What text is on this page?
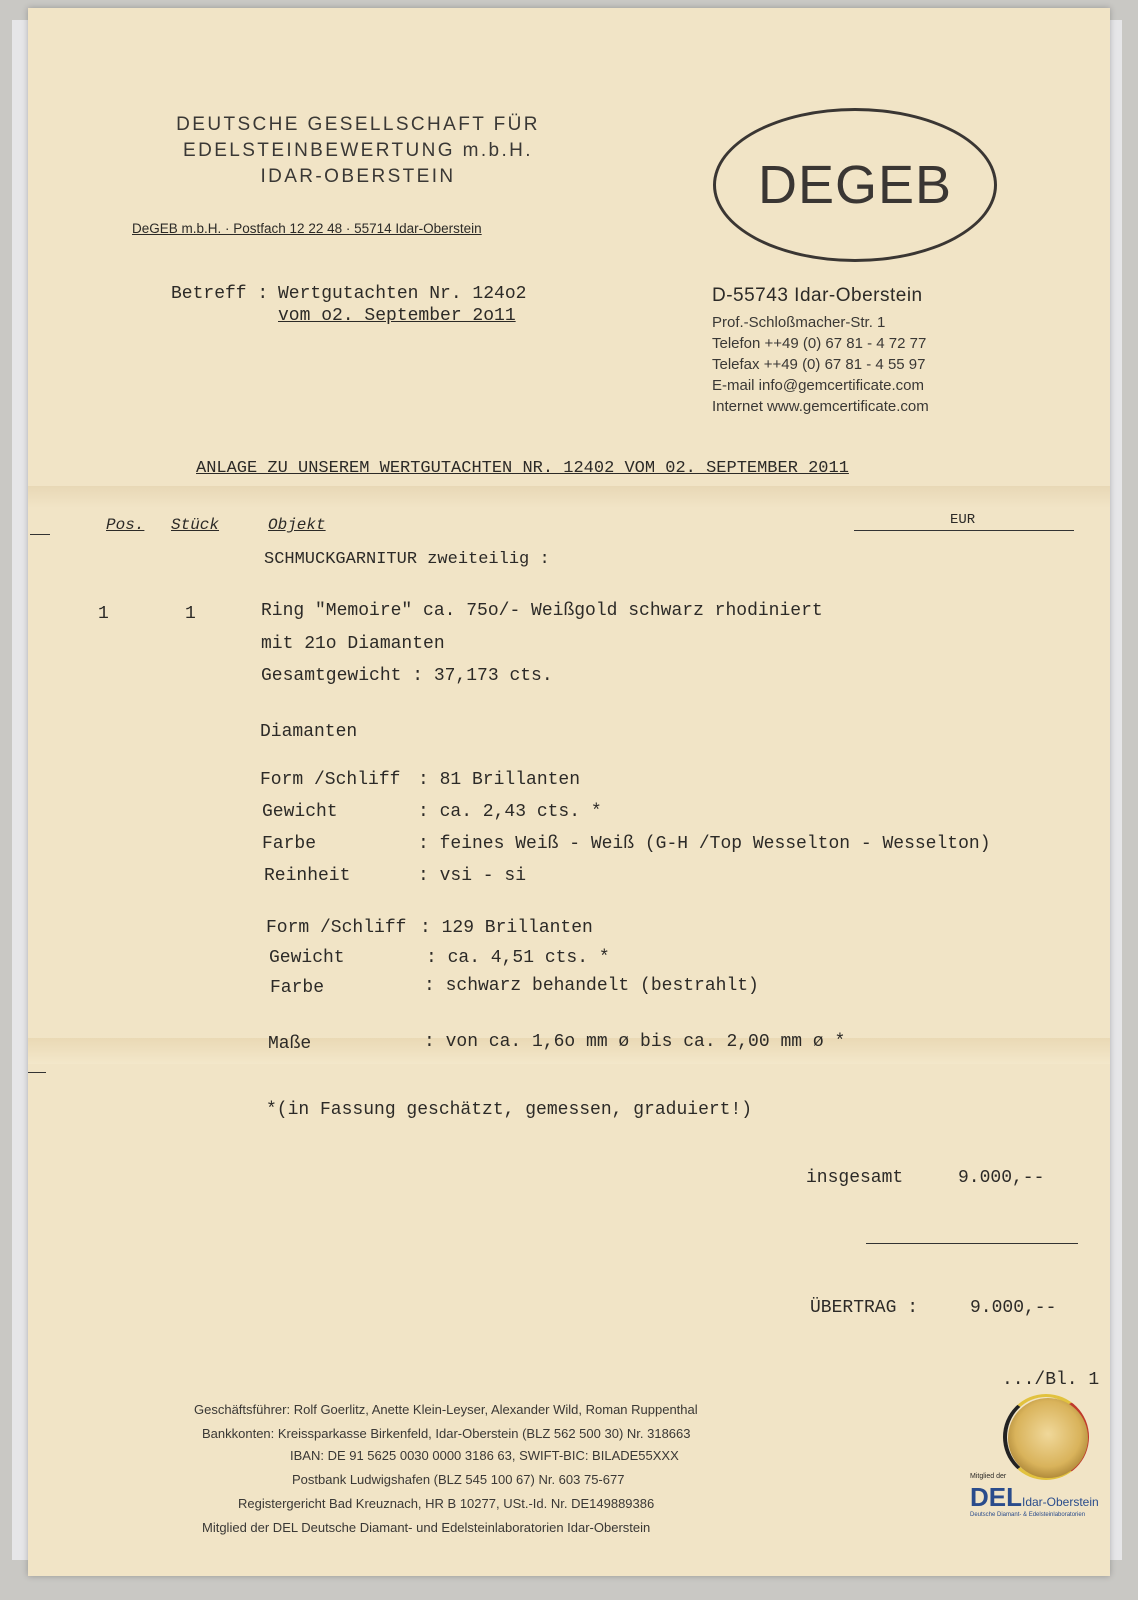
DEUTSCHE GESELLSCHAFT FÜR
EDELSTEINBEWERTUNG m.b.H.
IDAR-OBERSTEIN
DeGEB m.b.H. · Postfach 12 22 48 · 55714 Idar-Oberstein
DEGEB
D-55743 Idar-Oberstein
Prof.-Schloßmacher-Str. 1
Telefon ++49 (0) 67 81 - 4 72 77
Telefax ++49 (0) 67 81 - 4 55 97
E-mail info@gemcertificate.com
Internet www.gemcertificate.com
Betreff : Wertgutachten Nr. 124o2
vom o2. September 2o11
ANLAGE ZU UNSEREM WERTGUTACHTEN NR. 12402 VOM 02. SEPTEMBER 2011
Pos. Stück	Objekt	EUR
SCHMUCKGARNITUR zweiteilig :
1	1	Ring "Memoire" ca. 75o/- Weißgold schwarz rhodiniert
mit 21o Diamanten
Gesamtgewicht : 37,173 cts.
Diamanten
Form /Schliff : 81 Brillanten
Gewicht	: ca. 2,43 cts. *
Farbe	: feines Weiß - Weiß (G-H /Top Wesselton - Wesselton)
Reinheit	: vsi - si
Form /Schliff : 129 Brillanten
Gewicht	: ca. 4,51 cts. *
Farbe	: schwarz behandelt (bestrahlt)
Maße	: von ca. 1,6o mm ø bis ca. 2,00 mm ø *
*(in Fassung geschätzt, gemessen, graduiert!)
insgesamt	9.000,--
ÜBERTRAG :	9.000,--
.../Bl. 1
Geschäftsführer: Rolf Goerlitz, Anette Klein-Leyser, Alexander Wild, Roman Ruppenthal
Bankkonten: Kreissparkasse Birkenfeld, Idar-Oberstein (BLZ 562 500 30) Nr. 318663
IBAN: DE 91 5625 0030 0000 3186 63, SWIFT-BIC: BILADE55XXX
Postbank Ludwigshafen (BLZ 545 100 67) Nr. 603 75-677
Registergericht Bad Kreuznach, HR B 10277, USt.-Id. Nr. DE149889386
Mitglied der DEL Deutsche Diamant- und Edelsteinlaboratorien Idar-Oberstein
Mitglied der
DELIdar-Oberstein
Deutsche Diamant- & Edelsteinlaboratorien
